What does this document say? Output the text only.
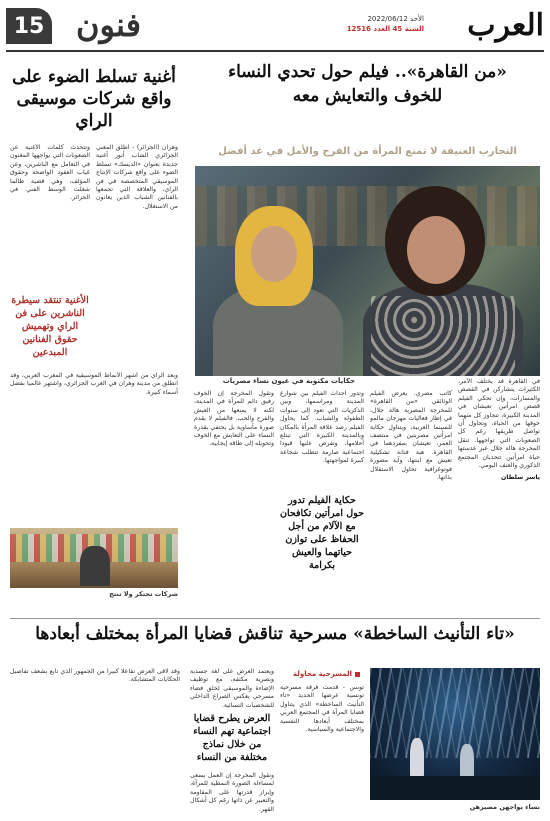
العرب
الأحد 2022/06/12
السنة 45 العدد 12516
فنون
15
«من القاهرة».. فيلم حول تحدي النساء
للخوف والتعايش معه
التجارب العنيفة لا تمنع المرأة من الفرح والأمل في غد أفضل
حكايات مكتوبة في عيون نساء مصريات	في القاهرة قد يختلف الأمر، الكثيرات يتشاركن في القصص والمسارات، وإن تحكي الفيلم قصص امرأتين تعيشان في المدينة الكبيرة، تتجاوز كل منهما خوفها من الحياة، وتحاول أن تواصل طريقها رغم كل الصعوبات التي تواجهها. تنقل المخرجة هالة جلال عبر عدستها حياة امرأتين تتحديان المجتمع الذكوري والعنف اليومي.

ياسر سلطان

كاتب مصري. يعرض الفيلم الوثائقي «من القاهرة» للمخرجة المصرية هالة جلال، في إطار فعاليات مهرجان مالمو للسينما العربية، ويتناول حكاية امرأتين مصريتين في منتصف العمر، تعيشان بمفردهما في القاهرة. هبة فنانة تشكيلية تعيش مع ابنتها، وآية مصورة فوتوغرافية تحاول الاستقلال بذاتها.

حكاية الفيلم تدور حول امرأتين تكافحان مع الآلام من أجل الحفاظ على توازن حياتهما والعيش بكرامة

وتدور أحداث الفيلم بين شوارع المدينة ومراسمها، وبين الذكريات التي تعود إلى سنوات الطفولة والشباب. كما يحاول الفيلم رصد علاقة المرأة بالمكان وبالمدينة الكبيرة التي تبتلع أحلامها، وتفرض عليها قيودا اجتماعية صارمة تتطلب شجاعة كبيرة لمواجهتها.

وتقول المخرجة إن الخوف رفيق دائم للمرأة في المدينة، لكنه لا يمنعها من العيش والفرح والحب. فالفيلم لا يقدم صورة مأساوية بل يحتفي بقدرة النساء على التعايش مع الخوف وتحويله إلى طاقة إيجابية.

أغنية تسلط الضوء على واقع شركات موسيقى الراي

وهران (الجزائر) - أطلق المغني الجزائري الشاب أنور أغنية جديدة بعنوان «الديسك» تسلط الضوء على واقع شركات الإنتاج الموسيقي المتخصصة في فن الراي، والعلاقة التي تجمعها بالفنانين الشباب الذين يعانون من الاستغلال.

وتتحدث كلمات الأغنية عن الصعوبات التي يواجهها المغنون في التعامل مع الناشرين، وعن غياب العقود الواضحة وحقوق المؤلف، وهي قضية طالما شغلت الوسط الفني في الجزائر.

الأغنية تنتقد سيطرة الناشرين على فن الراي وتهميش حقوق الفنانين المبدعين

ويعد الراي من أشهر الأنماط الموسيقية في المغرب العربي، وقد انطلق من مدينة وهران في الغرب الجزائري، واشتهر عالميا بفضل أسماء كبيرة.

شركات تحتكر ولا تنتج
«تاء التأنيث الساخطة» مسرحية تناقش قضايا المرأة بمختلف أبعادها
المسرحية محاولة
نساء يواجهن مصيرهن

تونس - قدمت فرقة مسرحية تونسية عرضها الجديد «تاء التأنيث الساخطة» الذي يتناول قضايا المرأة في المجتمع العربي بمختلف أبعادها النفسية والاجتماعية والسياسية.

ويعتمد العرض على لغة جسدية وبصرية مكثفة، مع توظيف الإضاءة والموسيقى لخلق فضاء مسرحي يعكس الصراع الداخلي للشخصيات النسائية.

العرض يطرح قضايا اجتماعية تهم النساء من خلال نماذج مختلفة من النساء

وتقول المخرجة إن العمل يسعى لمساءلة الصورة النمطية للمرأة، وإبراز قدرتها على المقاومة والتعبير عن ذاتها رغم كل أشكال القهر.

وقد لاقى العرض تفاعلا كبيرا من الجمهور الذي تابع بشغف تفاصيل الحكايات المتشابكة.
